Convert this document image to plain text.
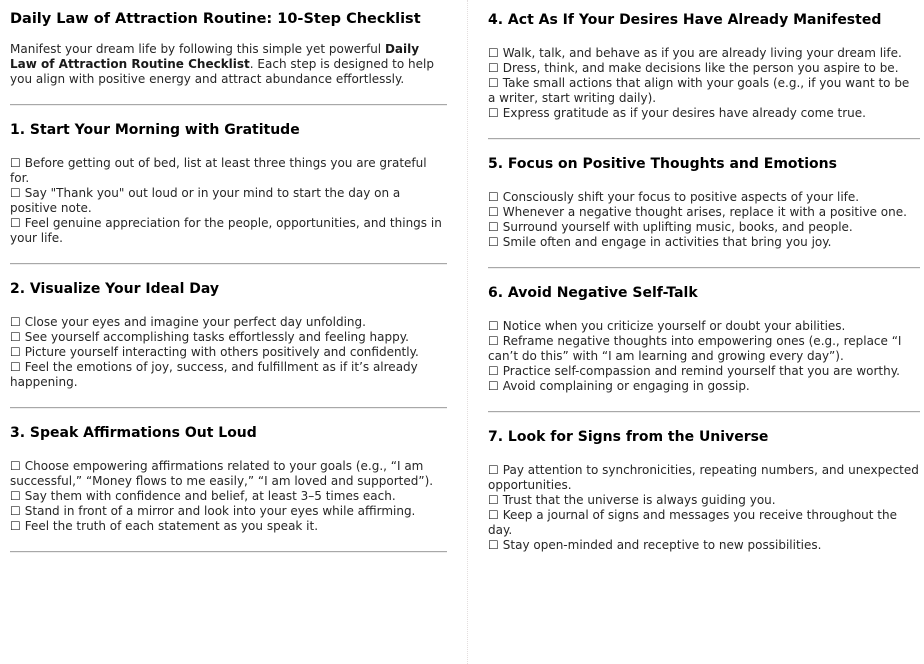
Daily Law of Attraction Routine: 10-Step Checklist

Manifest your dream life by following this simple yet powerful Daily Law of Attraction Routine Checklist. Each step is designed to help you align with positive energy and attract abundance effortlessly.

1. Start Your Morning with Gratitude
☐ Before getting out of bed, list at least three things you are grateful for.
☐ Say "Thank you" out loud or in your mind to start the day on a positive note.
☐ Feel genuine appreciation for the people, opportunities, and things in your life.
2. Visualize Your Ideal Day
☐ Close your eyes and imagine your perfect day unfolding.
☐ See yourself accomplishing tasks effortlessly and feeling happy.
☐ Picture yourself interacting with others positively and confidently.
☐ Feel the emotions of joy, success, and fulfillment as if it’s already happening.
3. Speak Affirmations Out Loud
☐ Choose empowering affirmations related to your goals (e.g., “I am successful,” “Money flows to me easily,” “I am loved and supported”).
☐ Say them with confidence and belief, at least 3–5 times each.
☐ Stand in front of a mirror and look into your eyes while affirming.
☐ Feel the truth of each statement as you speak it.
4. Act As If Your Desires Have Already Manifested
☐ Walk, talk, and behave as if you are already living your dream life.
☐ Dress, think, and make decisions like the person you aspire to be.
☐ Take small actions that align with your goals (e.g., if you want to be a writer, start writing daily).
☐ Express gratitude as if your desires have already come true.
5. Focus on Positive Thoughts and Emotions
☐ Consciously shift your focus to positive aspects of your life.
☐ Whenever a negative thought arises, replace it with a positive one.
☐ Surround yourself with uplifting music, books, and people.
☐ Smile often and engage in activities that bring you joy.
6. Avoid Negative Self-Talk
☐ Notice when you criticize yourself or doubt your abilities.
☐ Reframe negative thoughts into empowering ones (e.g., replace “I can’t do this” with “I am learning and growing every day”).
☐ Practice self-compassion and remind yourself that you are worthy.
☐ Avoid complaining or engaging in gossip.
7. Look for Signs from the Universe
☐ Pay attention to synchronicities, repeating numbers, and unexpected opportunities.
☐ Trust that the universe is always guiding you.
☐ Keep a journal of signs and messages you receive throughout the day.
☐ Stay open-minded and receptive to new possibilities.
